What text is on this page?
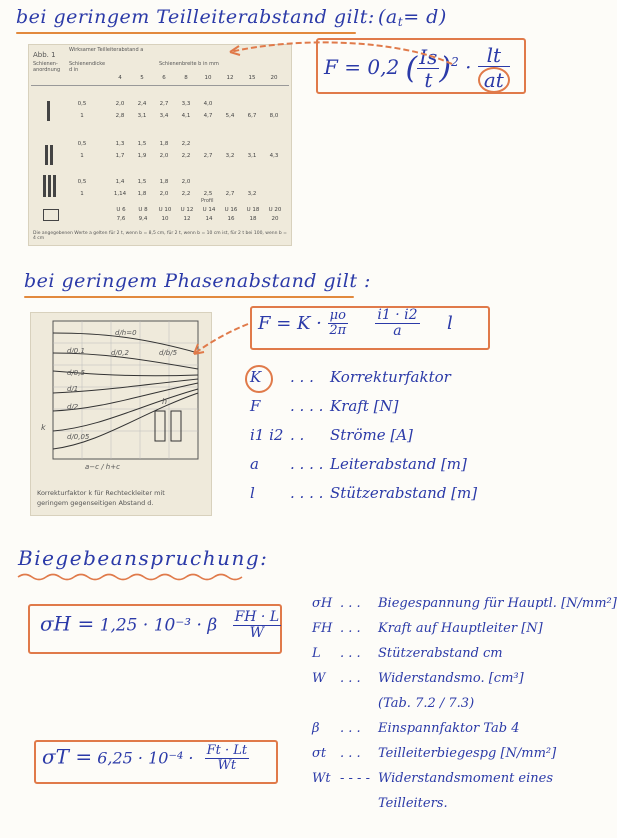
bei geringem Teilleiterabstand gilt: $(a_t= d)$
Abb. 1
Wirksamer Teilleiterabstand a
Schienen-anordnung
Schienendicke d in
Schienenbreite b in mm
4	5	6	8	10	12	15	20
0,5	2,0	2,4	2,7	3,3	4,0
1	2,8	3,1	3,4	4,1	4,7	5,4	6,7	8,0
0,5	1,3	1,5	1,8	2,2
1	1,7	1,9	2,0	2,2	2,7	3,2	3,1	4,3
0,5	1,4	1,5	1,8	2,0
1	1,14	1,8	2,0	2,2	2,5	2,7	3,2
Profil
U 6	U 8	U 10	U 12	U 14	U 16	U 18	U 20
7,6	9,4	10	12	14	16	18	20
Die angegebenen Werte a gelten für 2 t, wenn b = 8,5 cm, für 2 t, wenn b = 10 cm ist, für 2 t bei 100, wenn b = 4 cm
F = 0,2 ( $\frac{Is}{t} )^2 \cdot \frac{lt}{at}$
bei geringem Phasenabstand gilt :
d/h=0
d/0,1	d/0,2	d/b/5
d/0,5
d/1
d/2
d/0,05
h
k
a−c / h+c
Korrekturfaktor k für Rechteckleiter mit
geringem gegenseitigen Abstand d.
$F = K \cdot \frac{\mu o}{2\pi}$
$\frac{i1 \cdot i2}{a}$ l
K . . . Korrekturfaktor
F . . . . Kraft [N]
i1 i2 . . Ströme [A]
a . . . . Leiterabstand [m]
l . . . . Stützerabstand [m]
Biegebeanspruchung:
σH = 1,25 · 10⁻³ · β $\frac{FH \cdot L}{W}$
$\sigma T = 6,25 \cdot 10^{-4} \cdot \frac{Ft \cdot Lt}{Wt}$
σH . . . Biegespannung für Hauptl. [N/mm²]
FH . . . Kraft auf Hauptleiter [N]
L . . . Stützerabstand cm
W . . . Widerstandsmo. [cm³]
(Tab. 7.2 / 7.3)
β . . . Einspannfaktor Tab 4
σt . . . Teilleiterbiegespg [N/mm²]
Wt - - - - Widerstandsmoment eines
Teilleiters.
